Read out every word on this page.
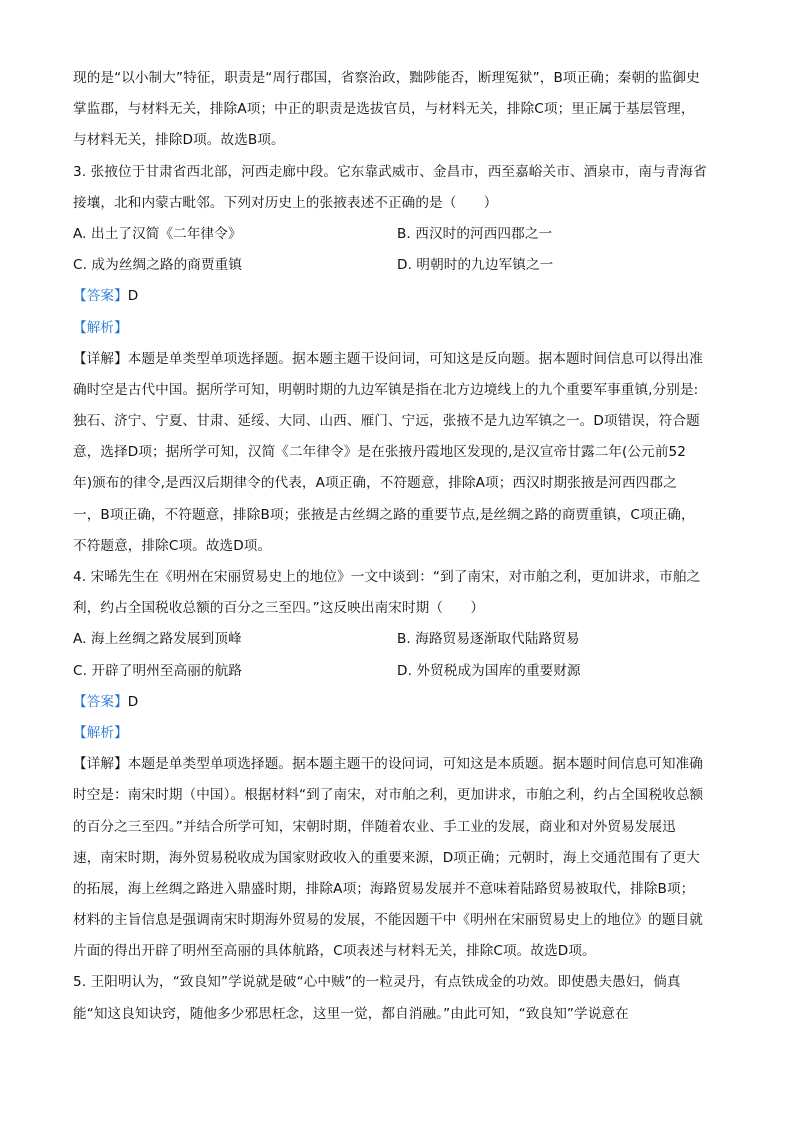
现的是“以小制大”特征，职责是“周行郡国，省察治政，黜陟能否，断理冤狱”，B项正确；秦朝的监御史
掌监郡，与材料无关，排除A项；中正的职责是选拔官员，与材料无关，排除C项；里正属于基层管理，
与材料无关，排除D项。故选B项。
3. 张掖位于甘肃省西北部，河西走廊中段。它东靠武威市、金昌市，西至嘉峪关市、酒泉市，南与青海省
接壤，北和内蒙古毗邻。下列对历史上的张掖表述不正确的是（　　）
A. 出土了汉简《二年律令》	B. 西汉时的河西四郡之一
C. 成为丝绸之路的商贾重镇	D. 明朝时的九边军镇之一
【答案】D
【解析】
【详解】本题是单类型单项选择题。据本题主题干设问词，可知这是反向题。据本题时间信息可以得出准
确时空是古代中国。据所学可知，明朝时期的九边军镇是指在北方边境线上的九个重要军事重镇,分别是:
独石、济宁、宁夏、甘肃、延绥、大同、山西、雁门、宁远，张掖不是九边军镇之一。D项错误，符合题
意，选择D项；据所学可知，汉简《二年律令》是在张掖丹霞地区发现的,是汉宣帝甘露二年(公元前52
年)颁布的律令,是西汉后期律令的代表，A项正确，不符题意，排除A项；西汉时期张掖是河西四郡之
一，B项正确，不符题意，排除B项；张掖是古丝绸之路的重要节点,是丝绸之路的商贾重镇，C项正确，
不符题意，排除C项。故选D项。
4. 宋晞先生在《明州在宋丽贸易史上的地位》一文中谈到：“到了南宋，对市舶之利，更加讲求，市舶之
利，约占全国税收总额的百分之三至四。”这反映出南宋时期（　　）
A. 海上丝绸之路发展到顶峰	B. 海路贸易逐渐取代陆路贸易
C. 开辟了明州至高丽的航路	D. 外贸税成为国库的重要财源
【答案】D
【解析】
【详解】本题是单类型单项选择题。据本题主题干的设问词，可知这是本质题。据本题时间信息可知准确
时空是：南宋时期（中国）。根据材料“到了南宋，对市舶之利，更加讲求，市舶之利，约占全国税收总额
的百分之三至四。”并结合所学可知，宋朝时期，伴随着农业、手工业的发展，商业和对外贸易发展迅
速，南宋时期，海外贸易税收成为国家财政收入的重要来源，D项正确；元朝时，海上交通范围有了更大
的拓展，海上丝绸之路进入鼎盛时期，排除A项；海路贸易发展并不意味着陆路贸易被取代，排除B项；
材料的主旨信息是强调南宋时期海外贸易的发展，不能因题干中《明州在宋丽贸易史上的地位》的题目就
片面的得出开辟了明州至高丽的具体航路，C项表述与材料无关，排除C项。故选D项。
5. 王阳明认为，“致良知”学说就是破“心中贼”的一粒灵丹，有点铁成金的功效。即使愚夫愚妇，倘真
能“知这良知诀窍，随他多少邪思枉念，这里一觉，都自消融。”由此可知，“致良知”学说意在
